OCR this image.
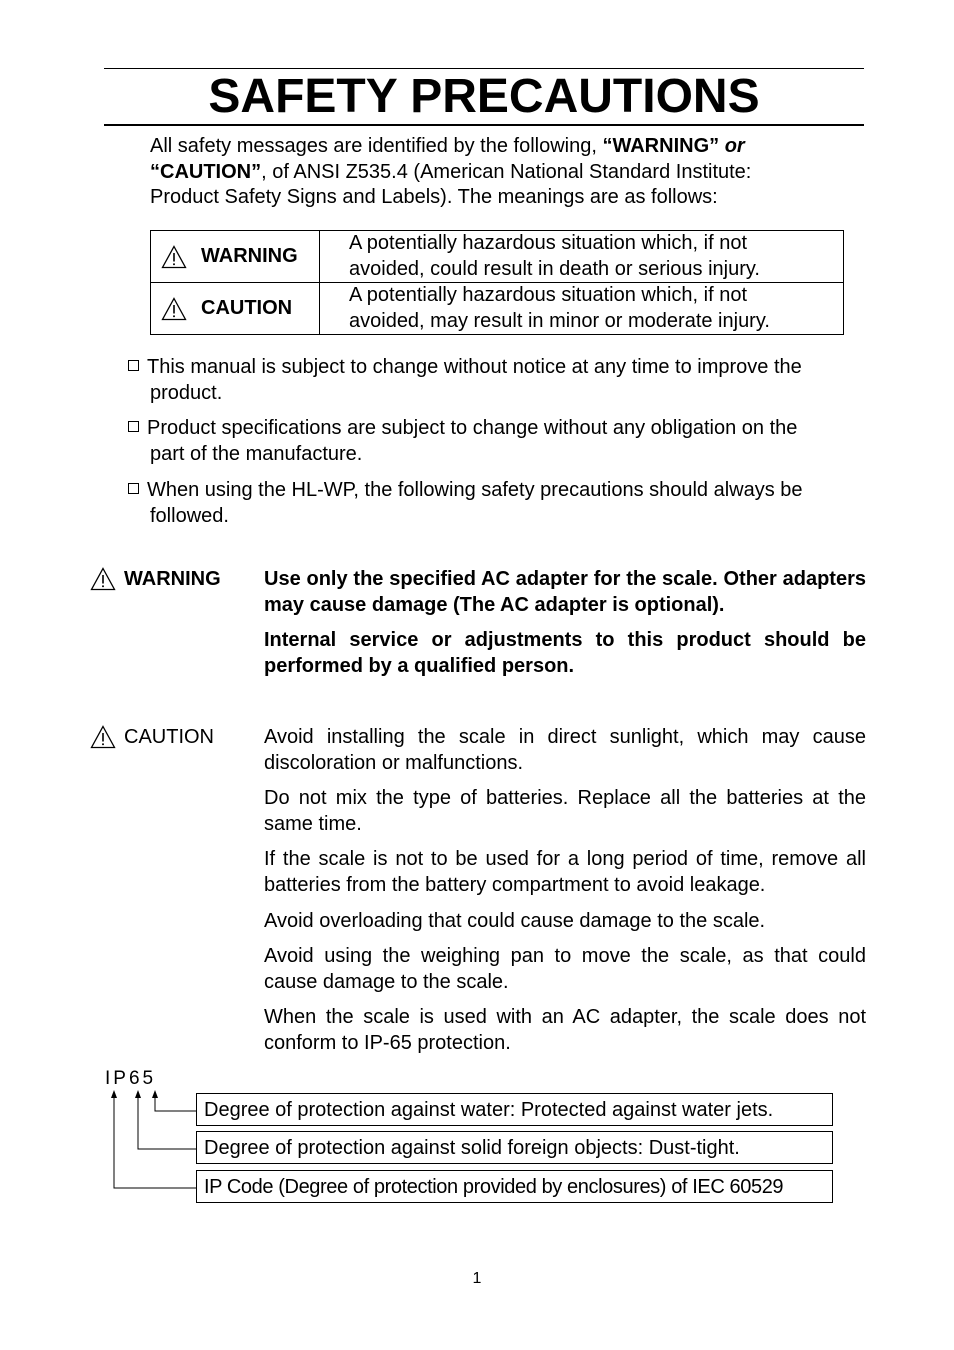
SAFETY PRECAUTIONS
All safety messages are identified by the following, “WARNING” or
“CAUTION”, of ANSI Z535.4 (American National Standard Institute:
Product Safety Signs and Labels). The meanings are as follows:
WARNING	A potentially hazardous situation which, if not
avoided, could result in death or serious injury.

CAUTION	A potentially hazardous situation which, if not
avoided, may result in minor or moderate injury.
This manual is subject to change without notice at any time to improve the
product.
Product specifications are subject to change without any obligation on the
part of the manufacture.
When using the HL-WP, the following safety precautions should always be
followed.
WARNING Use only the specified AC adapter for the scale. Other adapters may cause damage (The AC adapter is optional).
Internal service or adjustments to this product should be performed by a qualified person.
CAUTION	Avoid installing the scale in direct sunlight, which may cause discoloration or malfunctions.
Do not mix the type of batteries. Replace all the batteries at the same time.
If the scale is not to be used for a long period of time, remove all batteries from the battery compartment to avoid leakage.
Avoid overloading that could cause damage to the scale.
Avoid using the weighing pan to move the scale, as that could cause damage to the scale.
When the scale is used with an AC adapter, the scale does not conform to IP-65 protection.
IP65
Degree of protection against water: Protected against water jets.
Degree of protection against solid foreign objects: Dust-tight.
IP Code (Degree of protection provided by enclosures) of IEC 60529
1
